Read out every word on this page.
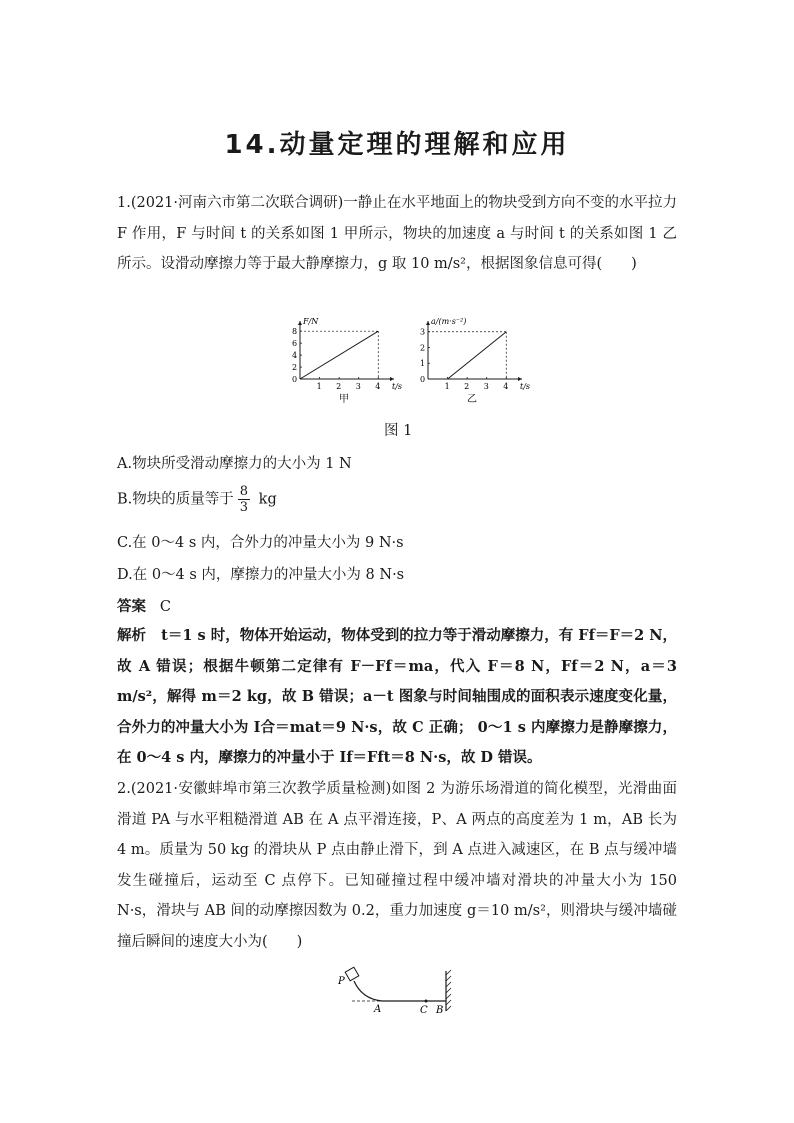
14.动量定理的理解和应用
1.(2021·河南六市第二次联合调研)一静止在水平地面上的物块受到方向不变的水平拉力 F 作用，F 与时间 t 的关系如图 1 甲所示，物块的加速度 a 与时间 t 的关系如图 1 乙所示。设滑动摩擦力等于最大静摩擦力，g 取 10 m/s²，根据图象信息可得(　　)
1 2 3 4
2
4
6
8
0
F/N
t/s
甲
1 2 3 4
1
2
3
0
a/(m·s⁻²)
t/s
乙
图 1
A.物块所受滑动摩擦力的大小为 1 N
B.物块的质量等于 $\frac{8}{3}$ kg
C.在 0～4 s 内，合外力的冲量大小为 9 N·s
D.在 0～4 s 内，摩擦力的冲量大小为 8 N·s
答案 C
解析 t＝1 s 时，物体开始运动，物体受到的拉力等于滑动摩擦力，有 Ff＝F＝2 N，故 A 错误；根据牛顿第二定律有 F－Ff＝ma，代入 F＝8 N，Ff＝2 N，a＝3 m/s²，解得 m＝2 kg，故 B 错误；a－t 图象与时间轴围成的面积表示速度变化量，合外力的冲量大小为 I合＝mat＝9 N·s，故 C 正确； 0～1 s 内摩擦力是静摩擦力，在 0～4 s 内，摩擦力的冲量小于 If＝Fft＝8 N·s，故 D 错误。
2.(2021·安徽蚌埠市第三次教学质量检测)如图 2 为游乐场滑道的简化模型，光滑曲面滑道 PA 与水平粗糙滑道 AB 在 A 点平滑连接，P、A 两点的高度差为 1 m，AB 长为 4 m。质量为 50 kg 的滑块从 P 点由静止滑下，到 A 点进入减速区，在 B 点与缓冲墙发生碰撞后，运动至 C 点停下。已知碰撞过程中缓冲墙对滑块的冲量大小为 150 N·s，滑块与 AB 间的动摩擦因数为 0.2，重力加速度 g＝10 m/s²，则滑块与缓冲墙碰撞后瞬间的速度大小为(　　)
P
A	C B
